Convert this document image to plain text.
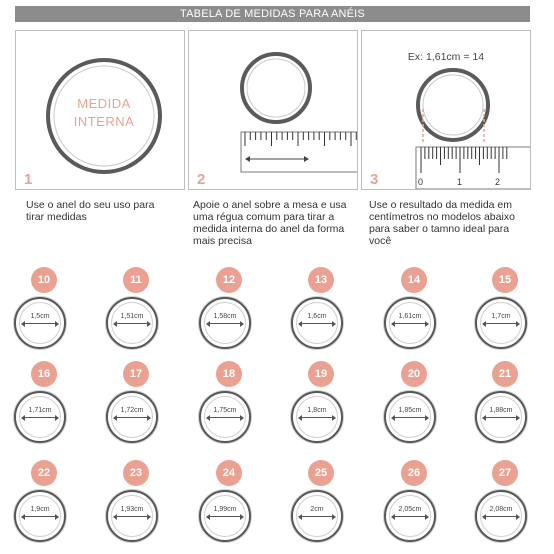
TABELA DE MEDIDAS PARA ANÉIS
MEDIDA INTERNA
1	2
Ex: 1,61cm = 14
0	1	2
3
Use o anel do seu uso para tirar medidas
Apoie o anel sobre a mesa e usa uma régua comum para tirar a medida interna do anel da forma mais precisa
Use o resultado da medida em centímetros no modelos abaixo para saber o tamno ideal para você
10
1,5cm
11
1,51cm
12
1,58cm
13
1,6cm
14
1,61cm
15
1,7cm
16
1,71cm
17
1,72cm
18
1,75cm
19
1,8cm
20
1,85cm
21
1,88cm
22
1,9cm
23
1,93cm
24
1,99cm
25
2cm
26
2,05cm
27
2,08cm
